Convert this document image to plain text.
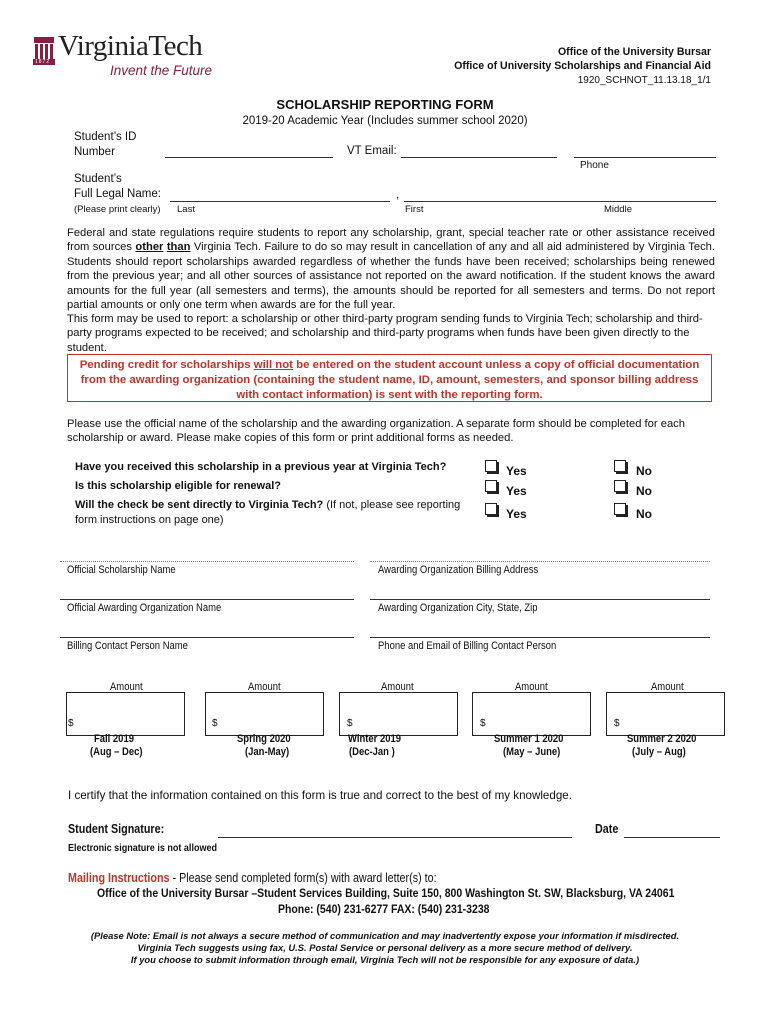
1872 VirginiaTech
Invent the Future
Office of the University Bursar
Office of University Scholarships and Financial Aid
1920_SCHNOT_11.13.18_1/1
SCHOLARSHIP REPORTING FORM
2019-20 Academic Year (Includes summer school 2020)
Student’s ID
Number	VT Email:
Phone
Student’s
Full Legal Name:
(Please print clearly)
,
Last	First	Middle
Federal and state regulations require students to report any scholarship, grant, special teacher rate or other assistance received from sources other than Virginia Tech. Failure to do so may result in cancellation of any and all aid administered by Virginia Tech. Students should report scholarships awarded regardless of whether the funds have been received; scholarships being renewed from the previous year; and all other sources of assistance not reported on the award notification. If the student knows the award amounts for the full year (all semesters and terms), the amounts should be reported for all semesters and terms. Do not report partial amounts or only one term when awards are for the full year.
This form may be used to report: a scholarship or other third-party program sending funds to Virginia Tech; scholarship and third-party programs expected to be received; and scholarship and third-party programs when funds have been given directly to the student.
Pending credit for scholarships will not be entered on the student account unless a copy of official documentation from the awarding organization (containing the student name, ID, amount, semesters, and sponsor billing address with contact information) is sent with the reporting form.
Please use the official name of the scholarship and the awarding organization. A separate form should be completed for each scholarship or award. Please make copies of this form or print additional forms as needed.
Have you received this scholarship in a previous year at Virginia Tech?	Yes	No
Is this scholarship eligible for renewal?	Yes	No
Will the check be sent directly to Virginia Tech? (If not, please see reporting form instructions on page one)	Yes	No
Official Scholarship Name	Awarding Organization Billing Address
Official Awarding Organization Name	Awarding Organization City, State, Zip
Billing Contact Person Name	Phone and Email of Billing Contact Person
Amount
$
Fall 2019
(Aug – Dec)
Amount
$
Spring 2020
(Jan-May)
Amount
$
Winter 2019
(Dec-Jan )
Amount
$
Summer 1 2020
(May – June)
Amount
$
Summer 2 2020
(July – Aug)
I certify that the information contained on this form is true and correct to the best of my knowledge.
Student Signature:	Date
Electronic signature is not allowed
Mailing Instructions - Please send completed form(s) with award letter(s) to:
Office of the University Bursar –Student Services Building, Suite 150, 800 Washington St. SW, Blacksburg, VA 24061
Phone: (540) 231-6277 FAX: (540) 231-3238
(Please Note: Email is not always a secure method of communication and may inadvertently expose your information if misdirected.
Virginia Tech suggests using fax, U.S. Postal Service or personal delivery as a more secure method of delivery.
If you choose to submit information through email, Virginia Tech will not be responsible for any exposure of data.)
